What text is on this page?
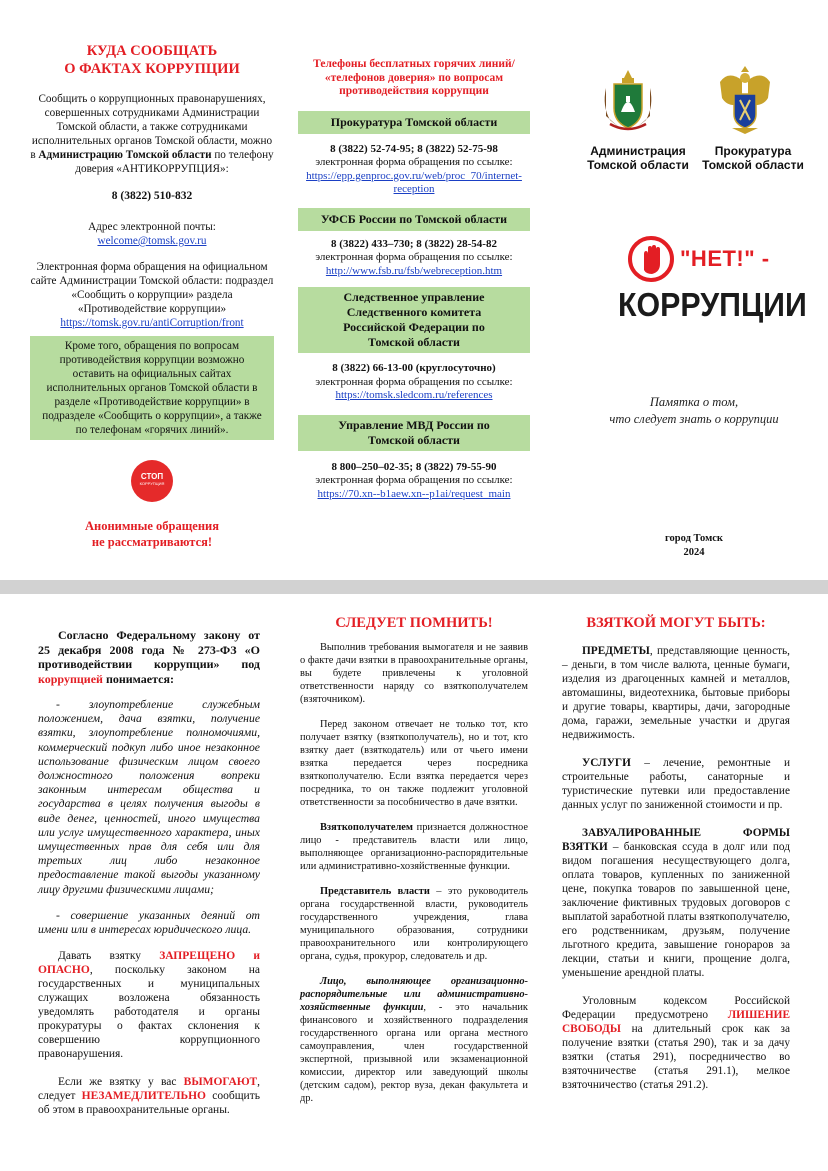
КУДА СООБЩАТЬ
О ФАКТАХ КОРРУПЦИИ

Сообщить о коррупционных правонарушениях, совершенных сотрудниками Администрации Томской области, а также сотрудниками исполнительных органов Томской области, можно в Администрацию Томской области по телефону доверия «АНТИКОРРУПЦИЯ»:

8 (3822) 510-832

Адрес электронной почты:

welcome@tomsk.gov.ru

Электронная форма обращения на официальном сайте Администрации Томской области: подраздел «Сообщить о коррупции» раздела «Противодействие коррупции»

https://tomsk.gov.ru/antiCorruption/front

Кроме того, обращения по вопросам противодействия коррупции возможно оставить на официальных сайтах исполнительных органов Томской области в разделе «Противодействие коррупции» в подразделе «Сообщить о коррупции», а также по телефонам «горячих линий».
СТОП
КОРРУПЦИЯ
Анонимные обращения
не рассматриваются!
Телефоны бесплатных горячих линий/ «телефонов доверия» по вопросам противодействия коррупции
Прокуратура Томской области
8 (3822) 52-74-95; 8 (3822) 52-75-98
электронная форма обращения по ссылке:
https://epp.genproc.gov.ru/web/proc_70/internet-reception
УФСБ России по Томской области
8 (3822) 433–730; 8 (3822) 28-54-82
электронная форма обращения по ссылке:
http://www.fsb.ru/fsb/webreception.htm
Следственное управление Следственного комитета Российской Федерации по Томской области
8 (3822) 66-13-00 (круглосуточно)
электронная форма обращения по ссылке:
https://tomsk.sledcom.ru/references
Управление МВД России по Томской области
8 800–250–02-35; 8 (3822) 79-55-90
электронная форма обращения по ссылке:
https://70.xn--b1aew.xn--p1ai/request_main
Администрация Томской области
Прокуратура Томской области
"НЕТ!" -
КОРРУПЦИИ
Памятка о том,
что следует знать о коррупции
город Томск
2024

Согласно Федеральному закону от 25 декабря 2008 года № 273-ФЗ «О противодействии коррупции» под коррупцией понимается:

- злоупотребление служебным положением, дача взятки, получение взятки, злоупотребление полномочиями, коммерческий подкуп либо иное незаконное использование физическим лицом своего должностного положения вопреки законным интересам общества и государства в целях получения выгоды в виде денег, ценностей, иного имущества или услуг имущественного характера, иных имущественных прав для себя или для третьих лиц либо незаконное предоставление такой выгоды указанному лицу другими физическими лицами;

- совершение указанных деяний от имени или в интересах юридического лица.

Давать взятку ЗАПРЕЩЕНО и ОПАСНО, поскольку законом на государственных и муниципальных служащих возложена обязанность уведомлять работодателя и органы прокуратуры о фактах склонения к совершению коррупционного правонарушения.

Если же взятку у вас ВЫМОГАЮТ, следует НЕЗАМЕДЛИТЕЛЬНО сообщить об этом в правоохранительные органы.

СЛЕДУЕТ ПОМНИТЬ!

Выполнив требования вымогателя и не заявив о факте дачи взятки в правоохранительные органы, вы будете привлечены к уголовной ответственности наряду со взяткополучателем (взяточником).

Перед законом отвечает не только тот, кто получает взятку (взяткополучатель), но и тот, кто взятку дает (взяткодатель) или от чьего имени взятка передается через посредника взяткополучателю. Если взятка передается через посредника, то он также подлежит уголовной ответственности за пособничество в даче взятки.

Взяткополучателем признается должностное лицо - представитель власти или лицо, выполняющее организационно-распорядительные или административно-хозяйственные функции.

Представитель власти – это руководитель органа государственной власти, руководитель государственного учреждения, глава муниципального образования, сотрудники правоохранительного или контролирующего органа, судья, прокурор, следователь и др.

Лицо, выполняющее организационно-распорядительные или административно-хозяйственные функции, - это начальник финансового и хозяйственного подразделения государственного органа или органа местного самоуправления, член государственной экспертной, призывной или экзаменационной комиссии, директор или заведующий школы (детским садом), ректор вуза, декан факультета и др.

ВЗЯТКОЙ МОГУТ БЫТЬ:

ПРЕДМЕТЫ, представляющие ценность, – деньги, в том числе валюта, ценные бумаги, изделия из драгоценных камней и металлов, автомашины, видеотехника, бытовые приборы и другие товары, квартиры, дачи, загородные дома, гаражи, земельные участки и другая недвижимость.

УСЛУГИ – лечение, ремонтные и строительные работы, санаторные и туристические путевки или предоставление данных услуг по заниженной стоимости и пр.

ЗАВУАЛИРОВАННЫЕ ФОРМЫ ВЗЯТКИ – банковская ссуда в долг или под видом погашения несуществующего долга, оплата товаров, купленных по заниженной цене, покупка товаров по завышенной цене, заключение фиктивных трудовых договоров с выплатой заработной платы взяткополучателю, его родственникам, друзьям, получение льготного кредита, завышение гонораров за лекции, статьи и книги, прощение долга, уменьшение арендной платы.

Уголовным кодексом Российской Федерации предусмотрено ЛИШЕНИЕ СВОБОДЫ на длительный срок как за получение взятки (статья 290), так и за дачу взятки (статья 291), посредничество во взяточничестве (статья 291.1), мелкое взяточничество (статья 291.2).
